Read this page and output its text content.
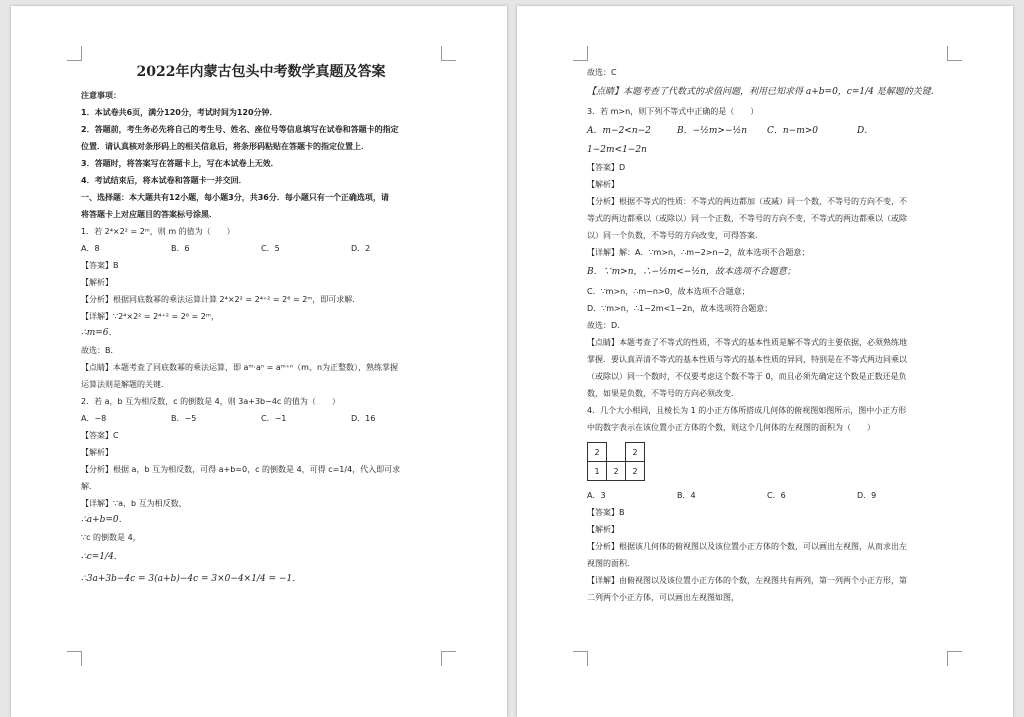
2022年内蒙古包头中考数学真题及答案
注意事项：
1．本试卷共6页，满分120分，考试时间为120分钟．
2．答题前，考生务必先将自己的考生号、姓名、座位号等信息填写在试卷和答题卡的指定
位置．请认真核对条形码上的相关信息后，将条形码粘贴在答题卡的指定位置上．
3．答题时，将答案写在答题卡上，写在本试卷上无效．
4．考试结束后，将本试卷和答题卡一并交回．
一、选择题：本大题共有12小题，每小题3分，共36分．每小题只有一个正确选项，请
将答题卡上对应题目的答案标号涂黑．
1．若 2⁴×2² = 2ᵐ，则 m 的值为（　　）
A．8	B．6	C．5	D．2
【答案】B
【解析】
【分析】根据同底数幂的乘法运算计算 2⁴×2² = 2⁴⁺² = 2⁶ = 2ᵐ，即可求解．
【详解】∵2⁴×2² = 2⁴⁺² = 2⁶ = 2ᵐ，
∴m=6．
故选：B．
【点睛】本题考查了同底数幂的乘法运算，即 aᵐ·aⁿ = aᵐ⁺ⁿ（m、n为正整数），熟练掌握
运算法则是解题的关键．
2．若 a，b 互为相反数，c 的倒数是 4，则 3a+3b−4c 的值为（　　）
A．−8	B．−5	C．−1	D．16
【答案】C
【解析】
【分析】根据 a，b 互为相反数，可得 a+b=0，c 的倒数是 4，可得 c=1/4，代入即可求
解．
【详解】∵a，b 互为相反数，
∴a+b=0．
∵c 的倒数是 4，
∴c=1/4．
∴3a+3b−4c = 3(a+b)−4c = 3×0−4×1/4 = −1．
故选：C
【点睛】本题考查了代数式的求值问题，利用已知求得 a+b=0，c=1/4 是解题的关键．
3．若 m>n，则下列不等式中正确的是（　　）
A．m−2<n−2	B．−½m>−½n	C．n−m>0	D．
1−2m<1−2n
【答案】D
【解析】
【分析】根据不等式的性质：不等式的两边都加（或减）同一个数，不等号的方向不变，不
等式的两边都乘以（或除以）同一个正数，不等号的方向不变，不等式的两边都乘以（或除
以）同一个负数，不等号的方向改变，可得答案．
【详解】解：A．∵m>n，∴m−2>n−2，故本选项不合题意；
B．∵m>n，∴−½m<−½n，故本选项不合题意；
C．∵m>n，∴m−n>0，故本选项不合题意；
D．∵m>n，∴1−2m<1−2n，故本选项符合题意；
故选：D．
【点睛】本题考查了不等式的性质，不等式的基本性质是解不等式的主要依据，必须熟练地
掌握．要认真弄清不等式的基本性质与等式的基本性质的异同，特别是在不等式两边同乘以
（或除以）同一个数时，不仅要考虑这个数不等于 0，而且必须先确定这个数是正数还是负
数，如果是负数，不等号的方向必须改变．
4．几个大小相同，且棱长为 1 的小正方体所搭成几何体的俯视图如图所示，图中小正方形
中的数字表示在该位置小正方体的个数，则这个几何体的左视图的面积为（　　）
2		2
1	2	2
A．3	B．4	C．6	D．9
【答案】B
【解析】
【分析】根据该几何体的俯视图以及该位置小正方体的个数，可以画出左视图，从而求出左
视图的面积．
【详解】由俯视图以及该位置小正方体的个数，左视图共有两列，第一列两个小正方形，第
二列两个小正方体，可以画出左视图如图，
